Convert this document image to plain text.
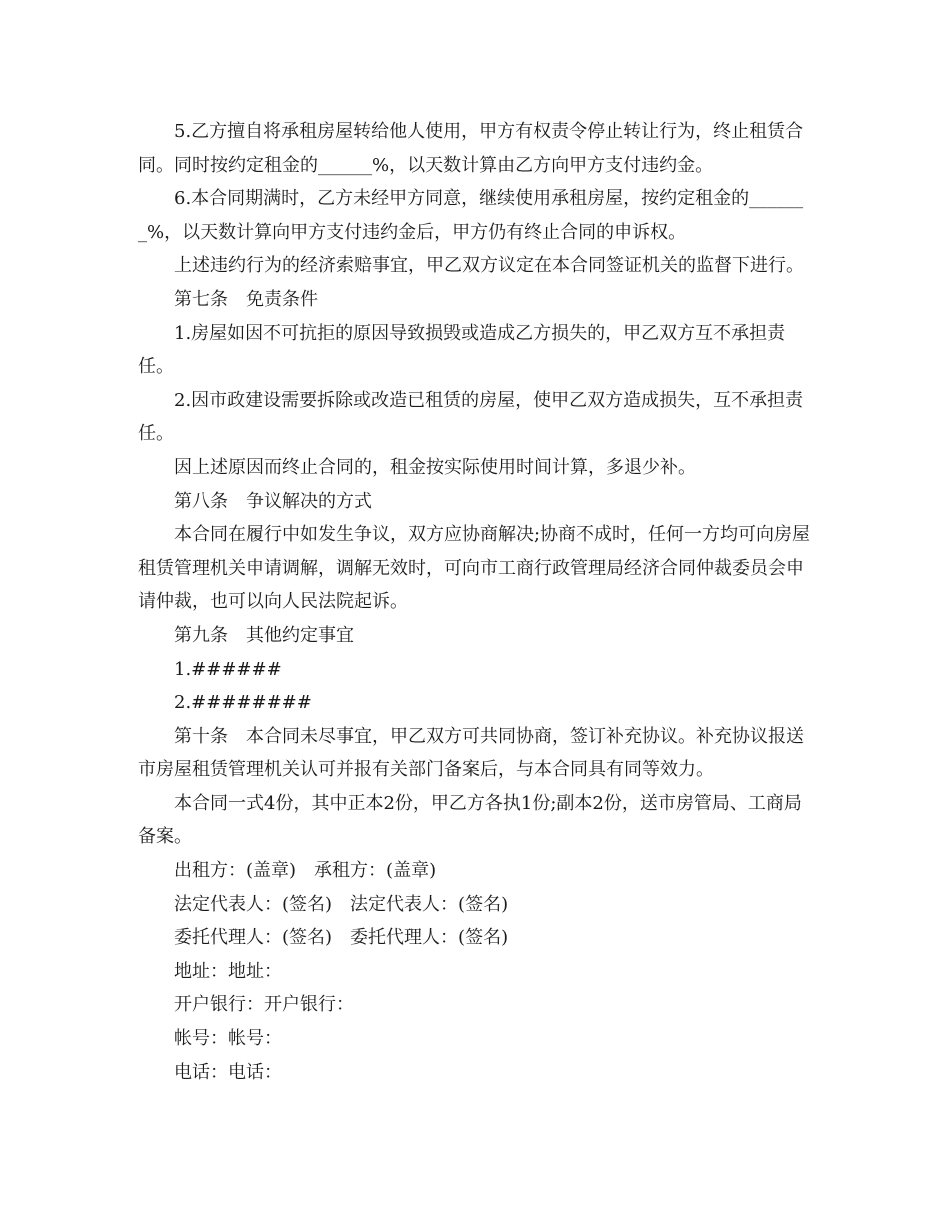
5.乙方擅自将承租房屋转给他人使用，甲方有权责令停止转让行为，终止租赁合同。同时按约定租金的______%，以天数计算由乙方向甲方支付违约金。

6.本合同期满时，乙方未经甲方同意，继续使用承租房屋，按约定租金的_______%，以天数计算向甲方支付违约金后，甲方仍有终止合同的申诉权。

上述违约行为的经济索赔事宜，甲乙双方议定在本合同签证机关的监督下进行。

第七条　免责条件

1.房屋如因不可抗拒的原因导致损毁或造成乙方损失的，甲乙双方互不承担责任。

2.因市政建设需要拆除或改造已租赁的房屋，使甲乙双方造成损失，互不承担责任。

因上述原因而终止合同的，租金按实际使用时间计算，多退少补。

第八条　争议解决的方式

本合同在履行中如发生争议，双方应协商解决;协商不成时，任何一方均可向房屋租赁管理机关申请调解，调解无效时，可向市工商行政管理局经济合同仲裁委员会申请仲裁，也可以向人民法院起诉。

第九条　其他约定事宜

1.######

2.########

第十条　本合同未尽事宜，甲乙双方可共同协商，签订补充协议。补充协议报送市房屋租赁管理机关认可并报有关部门备案后，与本合同具有同等效力。

本合同一式4份，其中正本2份，甲乙方各执1份;副本2份，送市房管局、工商局备案。

出租方：(盖章)　承租方：(盖章)

法定代表人：(签名)　法定代表人：(签名)

委托代理人：(签名)　委托代理人：(签名)

地址：地址：

开户银行：开户银行：

帐号：帐号：

电话：电话：
